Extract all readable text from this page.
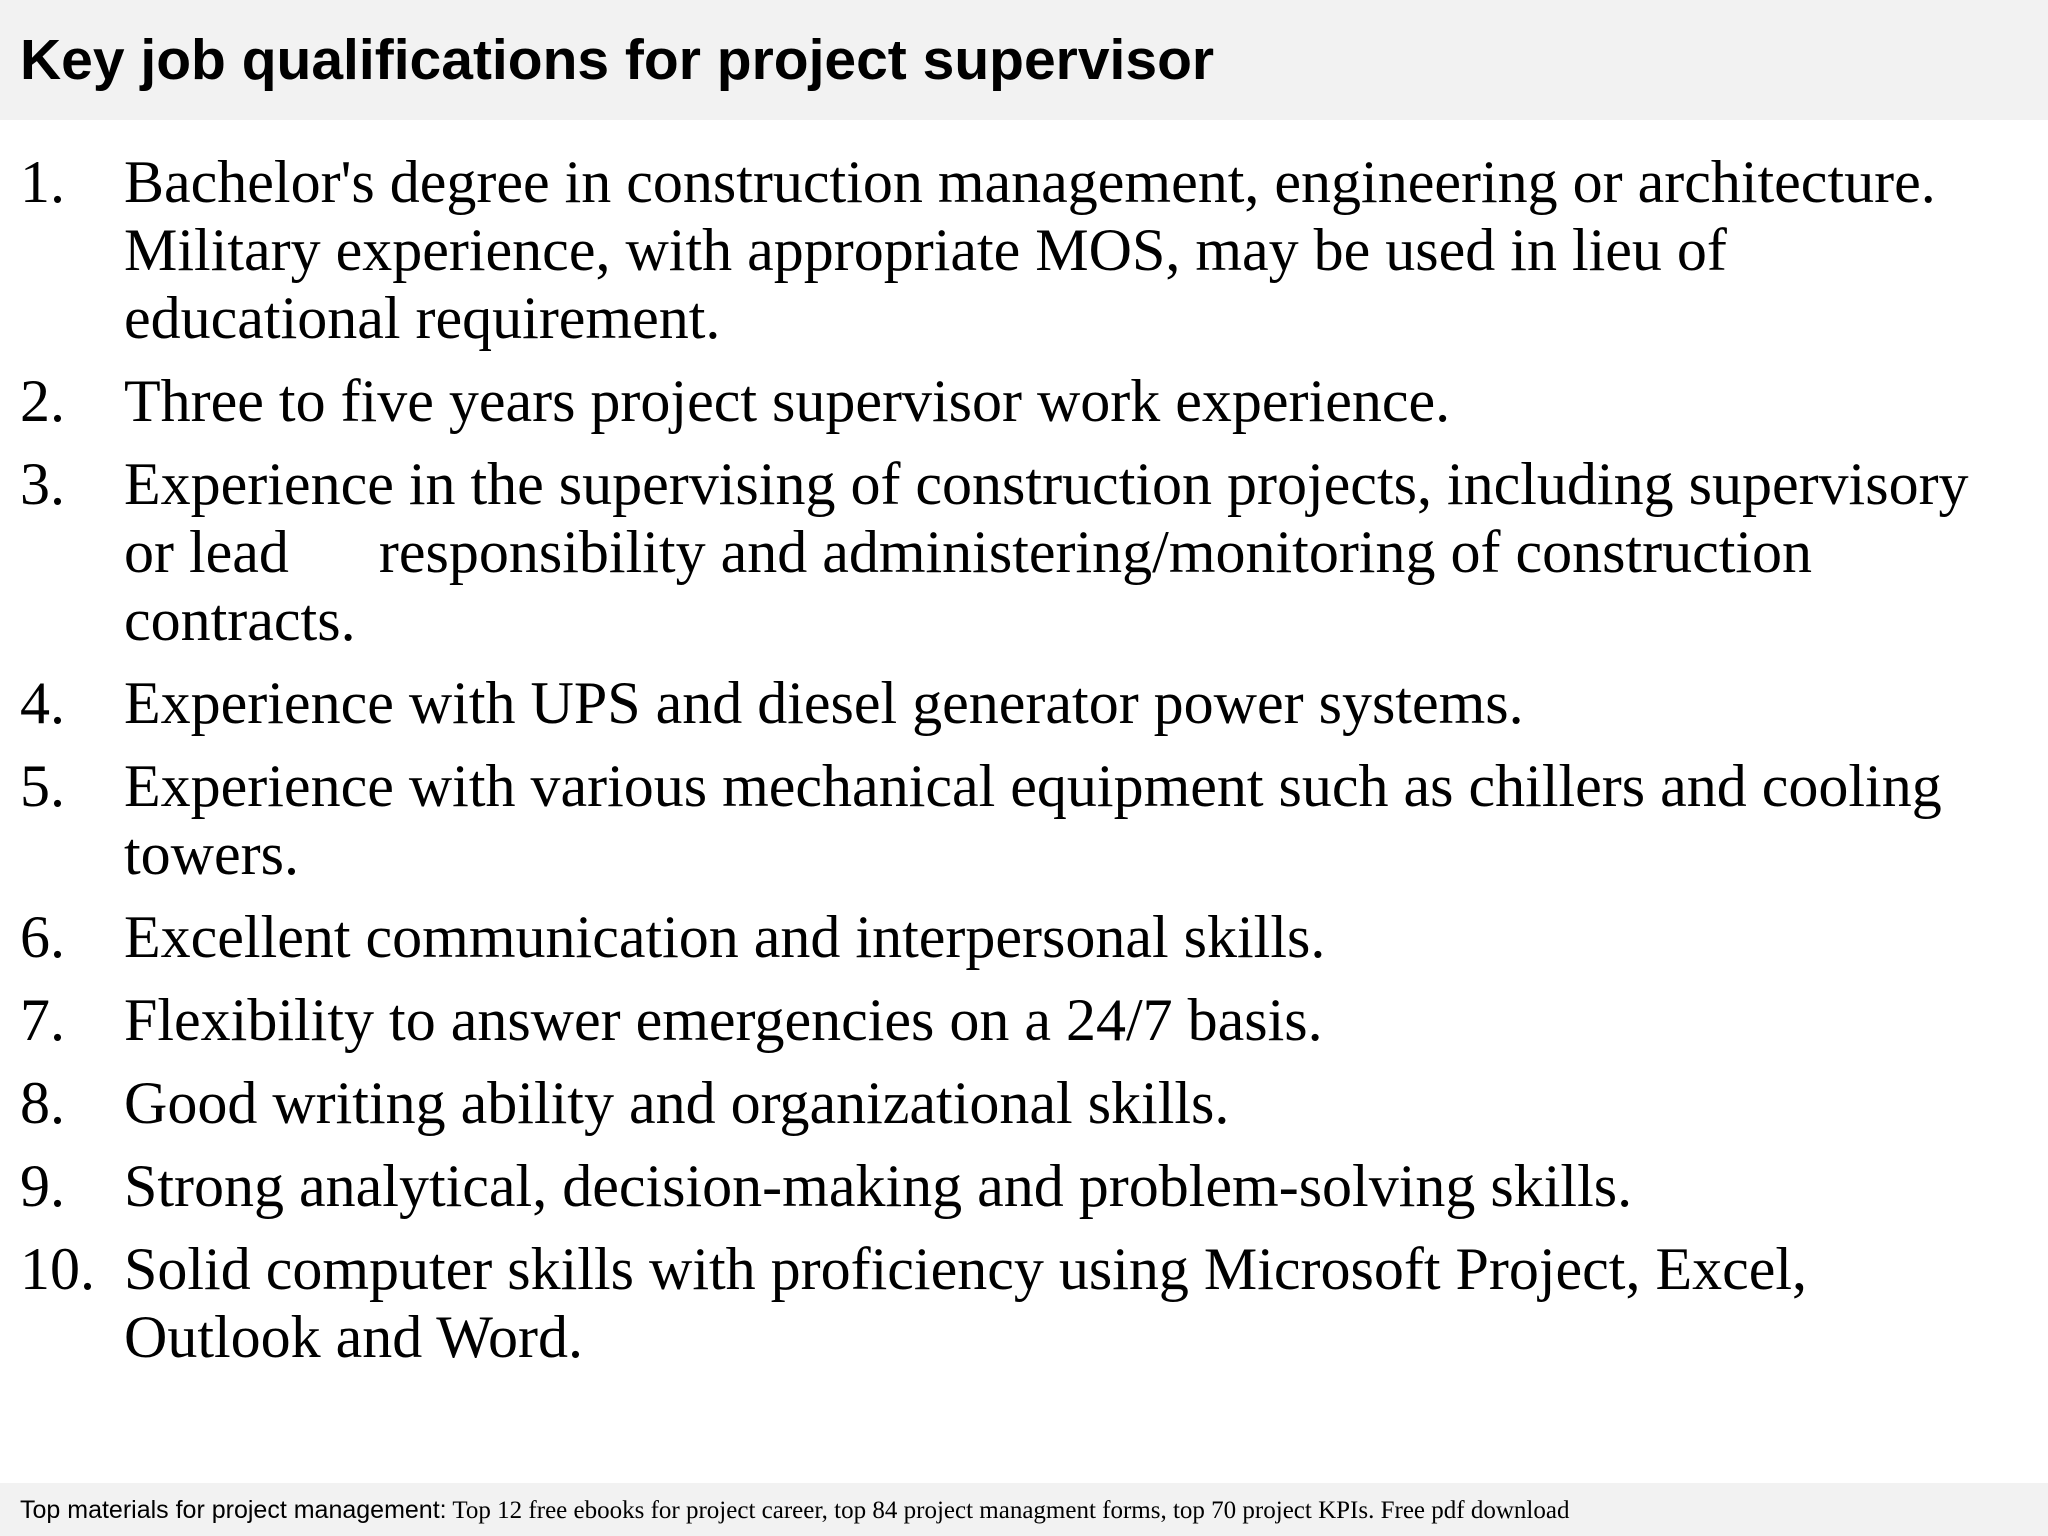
Key job qualifications for project supervisor
1. Bachelor's degree in construction management, engineering or architecture. Military experience, with appropriate MOS, may be used in lieu of educational requirement.
2. Three to five years project supervisor work experience.
3. Experience in the supervising of construction projects, including supervisory or lead      responsibility and administering/monitoring of construction contracts.
4. Experience with UPS and diesel generator power systems.
5. Experience with various mechanical equipment such as chillers and cooling towers.
6. Excellent communication and interpersonal skills.
7. Flexibility to answer emergencies on a 24/7 basis.
8. Good writing ability and organizational skills.
9. Strong analytical, decision-making and problem-solving skills.
10. Solid computer skills with proficiency using Microsoft Project, Excel, Outlook and Word.
Top materials for project management: Top 12 free ebooks for project career, top 84 project managment forms, top 70 project KPIs. Free pdf download
